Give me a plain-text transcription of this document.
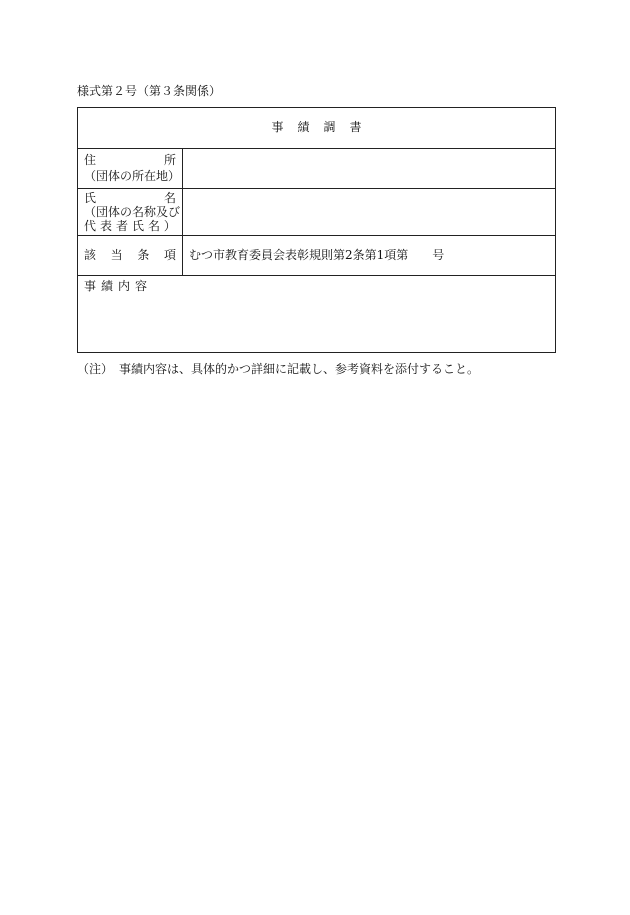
様式第２号（第３条関係）
事績調書
住	所
（団体の所在地）
氏	名
（団体の名称及び
代 表 者 氏 名 ）
該 当 条 項 むつ市教育委員会表彰規則第2条第1項第　　号
事績内容
（注）　事績内容は、具体的かつ詳細に記載し、参考資料を添付すること。
